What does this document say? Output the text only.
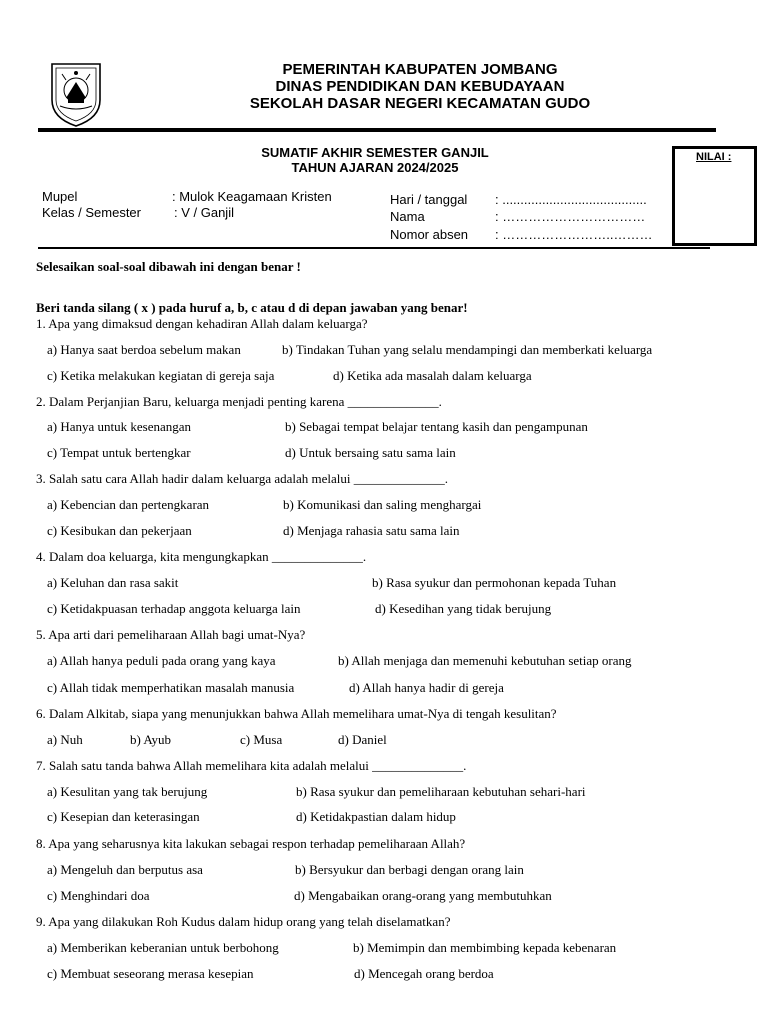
PEMERINTAH KABUPATEN JOMBANG
DINAS PENDIDIKAN DAN KEBUDAYAAN
SEKOLAH DASAR NEGERI KECAMATAN GUDO
SUMATIF AKHIR SEMESTER GANJIL
TAHUN AJARAN 2024/2025
NILAI :
Mupel	: Mulok Keagamaan Kristen
Kelas / Semester	: V / Ganjil
Hari / tanggal : ........................................
Nama	: ……………………………
Nomor absen : ……………………..………
Selesaikan soal-soal dibawah ini dengan benar !
Beri tanda silang ( x ) pada huruf a, b, c atau d di depan jawaban yang benar!
1. Apa yang dimaksud dengan kehadiran Allah dalam keluarga?
a) Hanya saat berdoa sebelum makan	b) Tindakan Tuhan yang selalu mendampingi dan memberkati keluarga
c) Ketika melakukan kegiatan di gereja saja	d) Ketika ada masalah dalam keluarga
2. Dalam Perjanjian Baru, keluarga menjadi penting karena ______________.
a) Hanya untuk kesenangan	b) Sebagai tempat belajar tentang kasih dan pengampunan
c) Tempat untuk bertengkar	d) Untuk bersaing satu sama lain
3. Salah satu cara Allah hadir dalam keluarga adalah melalui ______________.
a) Kebencian dan pertengkaran	b) Komunikasi dan saling menghargai
c) Kesibukan dan pekerjaan	d) Menjaga rahasia satu sama lain
4. Dalam doa keluarga, kita mengungkapkan ______________.
a) Keluhan dan rasa sakit	b) Rasa syukur dan permohonan kepada Tuhan
c) Ketidakpuasan terhadap anggota keluarga lain	d) Kesedihan yang tidak berujung
5. Apa arti dari pemeliharaan Allah bagi umat-Nya?
a) Allah hanya peduli pada orang yang kaya	b) Allah menjaga dan memenuhi kebutuhan setiap orang
c) Allah tidak memperhatikan masalah manusia	d) Allah hanya hadir di gereja
6. Dalam Alkitab, siapa yang menunjukkan bahwa Allah memelihara umat-Nya di tengah kesulitan?
a) Nuh	b) Ayub	c) Musa	d) Daniel
7. Salah satu tanda bahwa Allah memelihara kita adalah melalui ______________.
a) Kesulitan yang tak berujung	b) Rasa syukur dan pemeliharaan kebutuhan sehari-hari
c) Kesepian dan keterasingan	d) Ketidakpastian dalam hidup
8. Apa yang seharusnya kita lakukan sebagai respon terhadap pemeliharaan Allah?
a) Mengeluh dan berputus asa	b) Bersyukur dan berbagi dengan orang lain
c) Menghindari doa	d) Mengabaikan orang-orang yang membutuhkan
9. Apa yang dilakukan Roh Kudus dalam hidup orang yang telah diselamatkan?
a) Memberikan keberanian untuk berbohong	b) Memimpin dan membimbing kepada kebenaran
c) Membuat seseorang merasa kesepian	d) Mencegah orang berdoa
